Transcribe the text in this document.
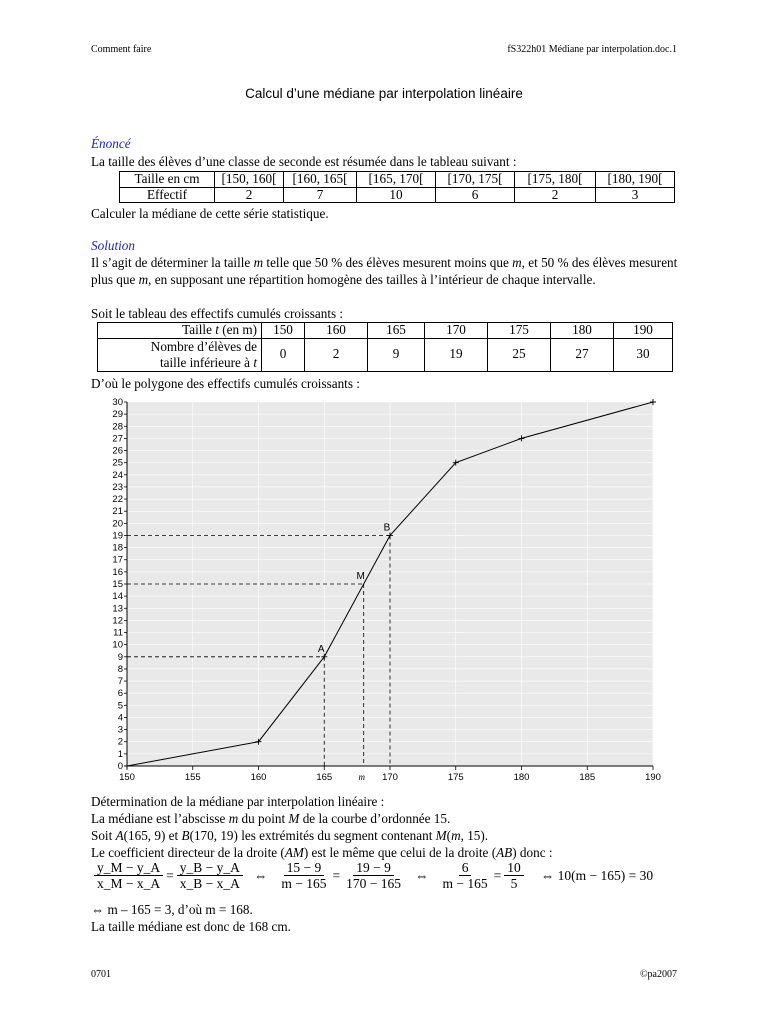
Comment faire	fS322h01 Médiane par interpolation.doc.1
Calcul d’une médiane par interpolation linéaire
Énoncé
La taille des élèves d’une classe de seconde est résumée dans le tableau suivant :
Taille en cm	[150, 160[	[160, 165[	[165, 170[	[170, 175[	[175, 180[	[180, 190[
Effectif	2	7	10	6	2	3
Calculer la médiane de cette série statistique.
Solution
Il s’agit de déterminer la taille m telle que 50 % des élèves mesurent moins que m, et 50 % des élèves mesurent plus que m, en supposant une répartition homogène des tailles à l’intérieur de chaque intervalle.
Soit le tableau des effectifs cumulés croissants :
Taille t (en m)	150	160	165	170	175	180	190
Nombre d’élèves de
taille inférieure à t	0	2	9	19	25	27	30
D’où le polygone des effectifs cumulés croissants :
0
1
2
3
4
5
6
7
8
9
10
11
12
13
14
15
16
17
18
19
20
21
22
23
24
25
26
27
28
29
30
150	155	160	165	170	175	180	185	190
m
A
M
B
Détermination de la médiane par interpolation linéaire :
La médiane est l’abscisse m du point M de la courbe d’ordonnée 15.
Soit A(165, 9) et B(170, 19) les extrémités du segment contenant M(m, 15).
Le coefficient directeur de la droite (AM) est le même que celui de la droite (AB) donc :
$\frac{y\_M - y\_A}{x\_M - x\_A} = \frac{y\_B - y\_A}{x\_B - x\_A}$ ⇔ $\frac{15 - 9}{m - 165} = \frac{19 - 9}{170 - 165}$ ⇔ $\frac{6}{m - 165} = \frac{10}{5}$ ⇔ 10(m − 165) = 30
⇔ m – 165 = 3, d’où m = 168.
La taille médiane est donc de 168 cm.
0701	©pa2007
